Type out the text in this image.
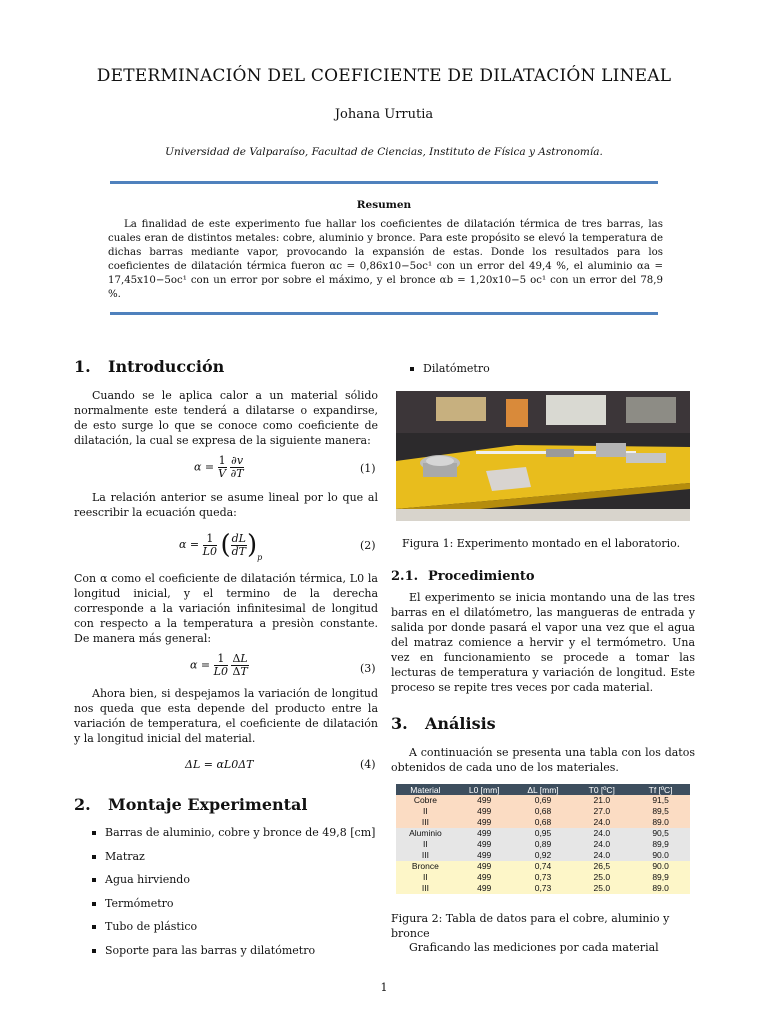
DETERMINACIÓN DEL COEFICIENTE DE DILATACIÓN LINEAL
Johana Urrutia
Universidad de Valparaíso, Facultad de Ciencias, Instituto de Física y Astronomía.
Resumen
La finalidad de este experimento fue hallar los coeficientes de dilatación térmica de tres barras, las cuales eran de distintos metales: cobre, aluminio y bronce. Para este propósito se elevó la temperatura de dichas barras mediante vapor, provocando la expansión de estas. Donde los resultados para los coeficientes de dilatación térmica fueron αc = 0,86x10−5oc¹ con un error del 49,4 %, el aluminio αa = 17,45x10−5oc¹ con un error por sobre el máximo, y el bronce αb = 1,20x10−5 oc¹ con un error del 78,9 %.
1. Introducción
Cuando se le aplica calor a un material sólido normalmente este tenderá a dilatarse o expandirse, de esto surge lo que se conoce como coeficiente de dilatación, la cual se expresa de la siguiente manera:
$\alpha = \frac{1}{V}$
$\frac{\partial v}{\partial T}$	(1)
La relación anterior se asume lineal por lo que al reescribir la ecuación queda:
$\alpha = \frac{1}{L0}$ ( $\frac{dL}{dT} )_p$
(2)
Con α como el coeficiente de dilatación térmica, L0 la longitud inicial, y el termino de la derecha corresponde a la variación infinitesimal de longitud con respecto a la temperatura a presiòn constante. De manera más general:
$\alpha = \frac{1}{L0}$
$\frac{\Delta L}{\Delta T}$	(3)
Ahora bien, si despejamos la variación de longitud nos queda que esta depende del producto entre la variación de temperatura, el coeficiente de dilatación y la longitud inicial del material.
ΔL = αL0ΔT	(4)
2. Montaje Experimental
Barras de aluminio, cobre y bronce de 49,8 [cm]
Matraz
Agua hirviendo
Termómetro
Tubo de plástico
Soporte para las barras y dilatómetro
Dilatómetro
Figura 1: Experimento montado en el laboratorio.
2.1. Procedimiento
El experimento se inicia montando una de las tres barras en el dilatómetro, las mangueras de entrada y salida por donde pasará el vapor una vez que el agua del matraz comience a hervir y el termómetro. Una vez en funcionamiento se procede a tomar las lecturas de temperatura y variación de longitud. Este proceso se repite tres veces por cada material.
3. Análisis
A continuación se presenta una tabla con los datos obtenidos de cada uno de los materiales.
Material	L0 [mm]	ΔL [mm]	T0 [ºC]	Tf [ºC]
Cobre	499	0,69	21.0	91,5
II	499	0,68	27.0	89,5
III	499	0,68	24.0	89.0
Aluminio	499	0,95	24.0	90,5
II	499	0,89	24.0	89,9
III	499	0,92	24.0	90.0
Bronce	499	0,74	26,5	90.0
II	499	0,73	25.0	89,9
III	499	0,73	25.0	89.0
Figura 2: Tabla de datos para el cobre, aluminio y bronce
Graficando las mediciones por cada material
1
